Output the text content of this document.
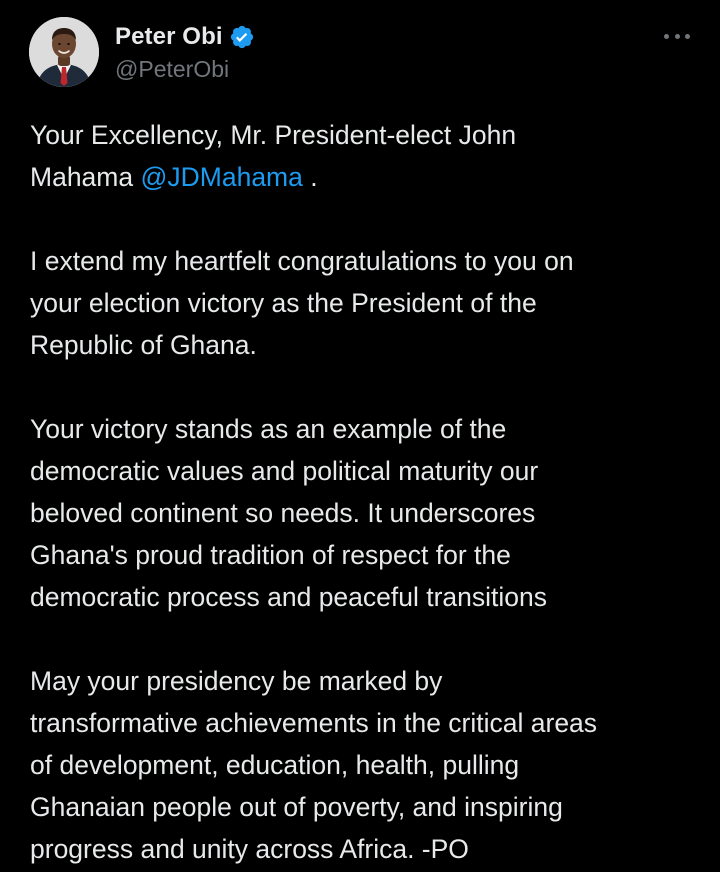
Peter Obi
@PeterObi
Your Excellency, Mr. President-elect John
Mahama @JDMahama .
I extend my heartfelt congratulations to you on
your election victory as the President of the
Republic of Ghana.
Your victory stands as an example of the
democratic values and political maturity our
beloved continent so needs. It underscores
Ghana's proud tradition of respect for the
democratic process and peaceful transitions
May your presidency be marked by
transformative achievements in the critical areas
of development, education, health, pulling
Ghanaian people out of poverty, and inspiring
progress and unity across Africa. -PO
